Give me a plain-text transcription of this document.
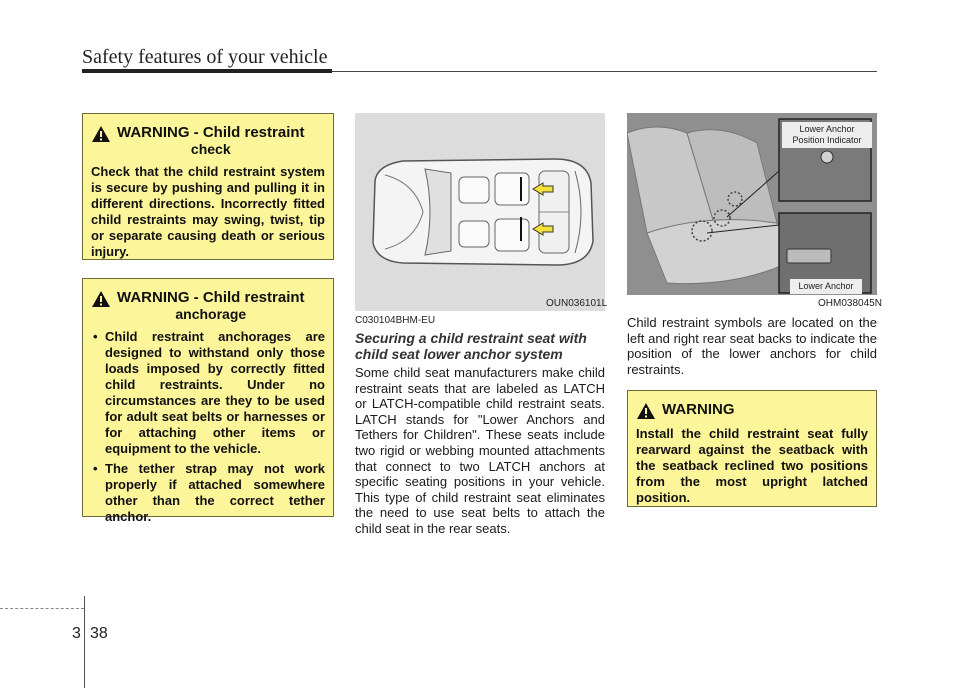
Safety features of your vehicle
WARNING - Child restraint
check
Check that the child restraint system is secure by pushing and pulling it in different directions. Incorrectly fitted child restraints may swing, twist, tip or separate causing death or serious injury.
WARNING - Child restraint
anchorage
• Child restraint anchorages are designed to withstand only those loads imposed by correctly fitted child restraints. Under no circumstances are they to be used for adult seat belts or harnesses or for attaching other items or equipment to the vehicle.
• The tether strap may not work properly if attached somewhere other than the correct tether anchor.
OUN036101L
Lower Anchor Position Indicator
Lower Anchor
OHM038045N
C030104BHM-EU
Securing a child restraint seat with child seat lower anchor system
Some child seat manufacturers make child restraint seats that are labeled as LATCH or LATCH-compatible child restraint seats. LATCH stands for "Lower Anchors and Tethers for Children". These seats include two rigid or webbing mounted attachments that connect to two LATCH anchors at specific seating positions in your vehicle. This type of child restraint seat eliminates the need to use seat belts to attach the child seat in the rear seats.
Child restraint symbols are located on the left and right rear seat backs to indicate the position of the lower anchors for child restraints.
WARNING
Install the child restraint seat fully rearward against the seatback with the seatback reclined two positions from the most upright latched position.
3 38
